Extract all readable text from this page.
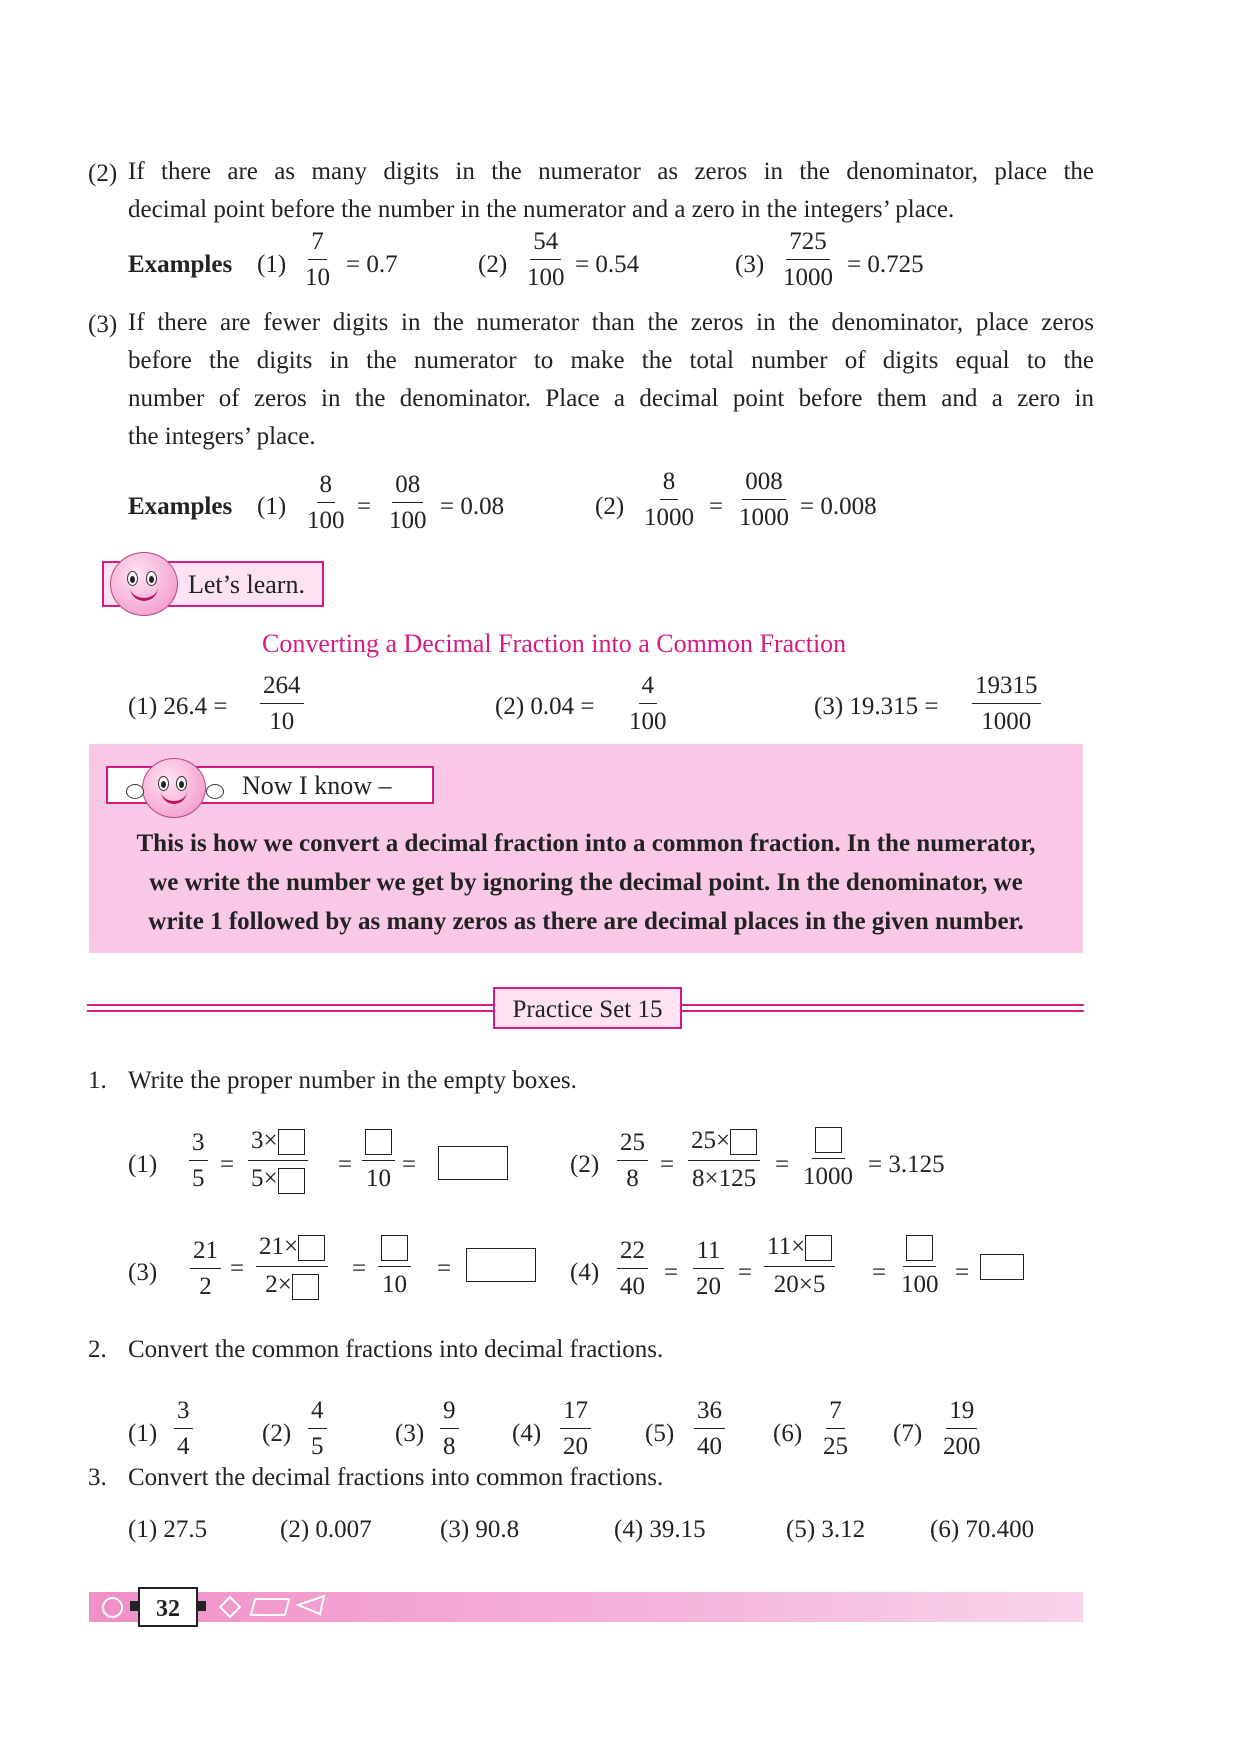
(2) If there are as many digits in the numerator as zeros in the denominator, place the
decimal point before the number in the numerator and a zero in the integers’ place.
Examples $(1) \frac{7}{10} = 0.7$	$(2) \frac{54}{100} = 0.54$	$(3) \frac{725}{1000} = 0.725$
(3) If there are fewer digits in the numerator than the zeros in the denominator, place zeros
before the digits in the numerator to make the total number of digits equal to the
number of zeros in the denominator. Place a decimal point before them and a zero in
the integers’ place.
Examples $(1) \frac{8}{100} = \frac{08}{100} = 0.08$	$(2) \frac{8}{1000} = \frac{008}{1000} = 0.008$
Let’s learn.
Converting a Decimal Fraction into a Common Fraction
(1) $26.4 = \frac{264}{10}$	(2) $0.04 = \frac{4}{100}$	(3) $19.315 = \frac{19315}{1000}$
Now I know –
This is how we convert a decimal fraction into a common fraction. In the numerator,
we write the number we get by ignoring the decimal point. In the denominator, we
write 1 followed by as many zeros as there are decimal places in the given number.
Practice Set 15
1. Write the proper number in the empty boxes.
$(1) \frac{3}{5} = \frac{3\times}{5\times}$ =
10
=	$(2) \frac{25}{8} = \frac{25\times}{8\times 125} = 1000 = 3.125$
$(3) \frac{21}{2} = \frac{21\times}{2\times}$ =
10
=	$(4) \frac{22}{40} = \frac{11}{20} = \frac{11\times}{20\times 5} = 100$ =
2. Convert the common fractions into decimal fractions.
$(1) \frac{3}{4}$	$(2) \frac{4}{5}$	$(3) \frac{9}{8} (4) \frac{17}{20} (5) \frac{36}{40} (6) \frac{7}{25} (7) \frac{19}{200}$
3. Convert the decimal fractions into common fractions.
(1) 27.5	(2) 0.007	(3) 90.8	(4) 39.15	(5) 3.12	(6) 70.400
32
